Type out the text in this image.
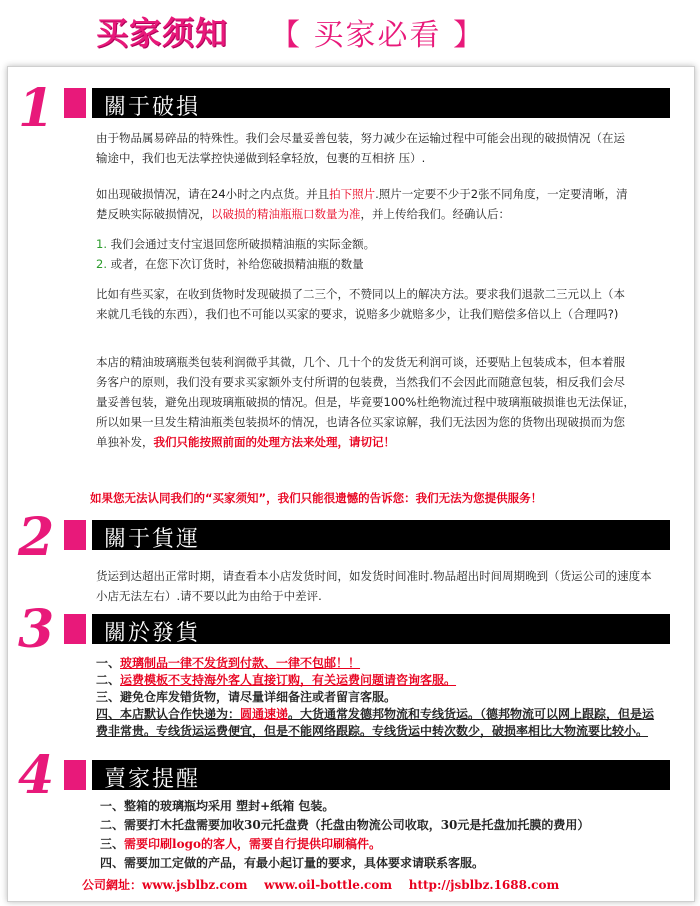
买家须知 【 买家必看 】
1 關于破損
由于物品属易碎品的特殊性。我们会尽量妥善包装，努力减少在运输过程中可能会出现的破损情况（在运输途中，我们也无法掌控快递做到轻拿轻放，包裹的互相挤 压）.
如出现破损情况，请在24小时之内点货。并且拍下照片.照片一定要不少于2张不同角度，一定要清晰，清楚反映实际破损情况，以破损的精油瓶瓶口数量为准，并上传给我们。经确认后：
1. 我们会通过支付宝退回您所破损精油瓶的实际金额。
2. 或者，在您下次订货时，补给您破损精油瓶的数量
比如有些买家，在收到货物时发现破损了二三个，不赞同以上的解决方法。要求我们退款二三元以上（本来就几毛钱的东西），我们也不可能以买家的要求，说赔多少就赔多少，让我们赔偿多倍以上（合理吗?)
本店的精油玻璃瓶类包装利润微乎其微，几个、几十个的发货无利润可谈，还要贴上包装成本，但本着服务客户的原则，我们没有要求买家额外支付所谓的包装费，当然我们不会因此而随意包装，相反我们会尽量妥善包装，避免出现玻璃瓶破损的情况。但是，毕竟要100%杜绝物流过程中玻璃瓶破损谁也无法保证，所以如果一旦发生精油瓶类包装损坏的情况，也请各位买家谅解，我们无法因为您的货物出现破损而为您单独补发，我们只能按照前面的处理方法来处理，请切记！
如果您无法认同我们的“买家须知”，我们只能很遗憾的告诉您：我们无法为您提供服务！
2 關于貨運
货运到达超出正常时期，请查看本小店发货时间，如发货时间准时.物品超出时间周期晚到（货运公司的速度本小店无法左右）.请不要以此为由给于中差评.
3 關於發貨
一、玻璃制品一律不发货到付款、一律不包邮！！
二、运费模板不支持海外客人直接订购，有关运费问题请咨询客服。
三、避免仓库发错货物，请尽量详细备注或者留言客服。
四、本店默认合作快递为：圆通速递。大货通常发德邦物流和专线货运。（德邦物流可以网上跟踪，但是运费非常贵。专线货运运费便宜，但是不能网络跟踪。专线货运中转次数少，破损率相比大物流要比较小。
4 賣家提醒
一、整箱的玻璃瓶均采用 塑封+纸箱 包装。
二、需要打木托盘需要加收30元托盘费（托盘由物流公司收取，30元是托盘加托膜的费用）
三、需要印刷logo的客人，需要自行提供印刷稿件。
四、需要加工定做的产品，有最小起订量的要求，具体要求请联系客服。
公司網址：www.jsblbz.com    www.oil-bottle.com    http://jsblbz.1688.com
